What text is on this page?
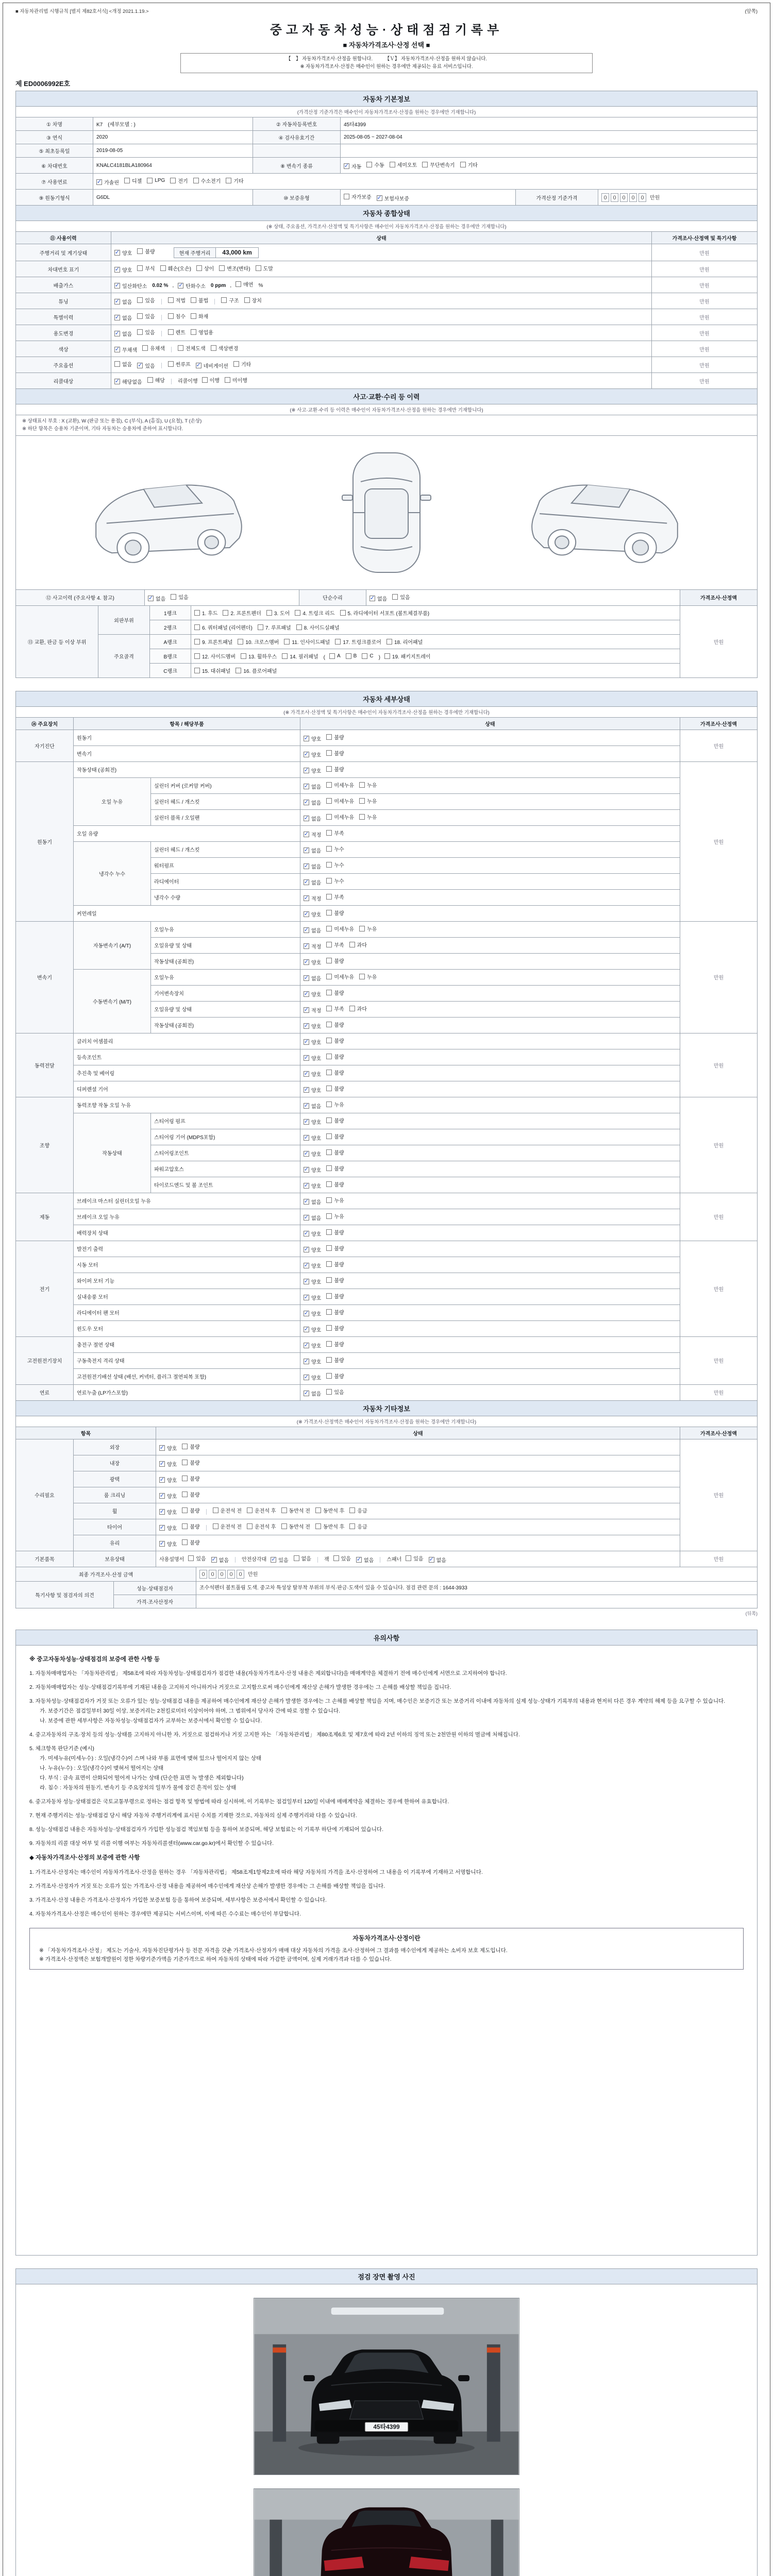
■ 자동차관리법 시행규칙 [별지 제82호서식] <개정 2021.1.19.>	(앞쪽)
중고자동차성능·상태점검기록부
■ 자동차가격조사·산정 선택 ■
【　】 자동차가격조사·산정을 원합니다.　　　【Ｖ】 자동차가격조사·산정을 원하지 않습니다.
※ 자동차가격조사·산정은 매수인이 원하는 경우에만 제공되는 유료 서비스입니다.
제 ED0006992E호
자동차 기본정보
(가격산정 기준가격은 매수인이 자동차가격조사·산정을 원하는 경우에만 기재합니다)
① 차명	K7　(세부모델 : )	② 자동차등록번호	45타4399		
③ 연식	2020	④ 검사유효기간	2025-08-05 ~ 2027-08-04		
⑤ 최초등록일	2019-08-05				
⑥ 차대번호	KNALC4181BLA180964	⑧ 변속기 종류	✓ 자동	수동	세미오토	무단변속기	기타

⑦ 사용연료	✓ 가솔린	디젤	LPG	전기	수소전기	기타

⑨ 원동기형식	G6DL	⑩ 보증유형	자가보증 ✓ 보험사보증	가격산정 기준가격	0 0 0 0 0 만원
자동차 종합상태
(※ 상태, 주요옵션, 가격조사·산정액 및 특기사항은 매수인이 자동차가격조사·산정을 원하는 경우에만 기재합니다)
⑪ 사용이력	상태	가격조사·산정액 및 특기사항
주행거리 및 계기상태	✓ 양호 불량 현재 주행거리 43,000 km	만원
차대번호 표기	✓ 양호	부식	훼손(오손)	상이	변조(변타)	도말	만원
배출가스	✓ 일산화탄소 0.02 % , ✓ 탄화수소 0 ppm , 매연 %	만원
튜닝	✓ 없음	있음	적법	불법	구조	장치	만원
특별이력	✓ 없음 있음 침수 화재	만원
용도변경	✓ 없음 있음 렌트 영업용	만원
색상	✓ 무채색 유채색 전체도색 색상변경	만원
주요옵션	없음 ✓ 있음	썬루프 ✓ 네비게이션	기타	만원
리콜대상	✓ 해당없음	해당	리콜이행 이행	미이행	만원
사고·교환·수리 등 이력
(※ 사고·교환·수리 등 이력은 매수인이 자동차가격조사·산정을 원하는 경우에만 기재합니다)
※ 상태표시 부호 : X (교환), W (판금 또는 용접), C (부식), A (흠집), U (요철), T (손상)
※ 하단 항목은 승용차 기준이며, 기타 자동차는 승용차에 준하여 표시합니다.
⑫ 사고이력 (주요사항 4. 참고)	✓ 없음	있음	단순수리	✓ 없음	있음	가격조사·산정액
⑬ 교환, 판금 등 이상 부위	외판부위	1랭크	1. 후드 2. 프론트펜더 3. 도어 4. 트렁크 리드 5. 라디에이터 서포트 (볼트체결부품)	만원
		2랭크	6. 쿼터패널 (리어펜더) 7. 루프패널 8. 사이드실패널	

	주요골격	A랭크	9. 프론트패널 10. 크로스멤버 11. 인사이드패널 17. 트렁크플로어 18. 리어패널	

B랭크	12. 사이드멤버	13. 휠하우스	14. 필러패널 ( A	B	C ) 19. 패키지트레이

		C랭크	15. 대쉬패널 16. 플로어패널	
자동차 세부상태
(※ 가격조사·산정액 및 특기사항은 매수인이 자동차가격조사·산정을 원하는 경우에만 기재합니다)
⑭ 주요장치	항목 / 해당부품		상태	가격조사·산정액
자기진단	원동기		✓ 양호 불량	만원
	변속기		✓ 양호 불량	

원동기	작동상태 (공회전)		✓ 양호 불량	만원
	오일 누유	실린더 커버 (로커암 커버)	✓ 없음 미세누유 누유	

		실린더 헤드 / 개스킷	✓ 없음 미세누유 누유	

		실린더 블록 / 오일팬	✓ 없음 미세누유 누유	

	오일 유량		✓ 적정 부족	

	냉각수 누수	실린더 헤드 / 개스킷	✓ 없음 누수	

		워터펌프	✓ 없음 누수	

		라디에이터	✓ 없음 누수	

		냉각수 수량	✓ 적정 부족	

	커먼레일		✓ 양호 불량	

변속기	자동변속기 (A/T)	오일누유	✓ 없음 미세누유 누유	만원
		오일유량 및 상태	✓ 적정 부족 과다	

		작동상태 (공회전)	✓ 양호 불량	

	수동변속기 (M/T)	오일누유	✓ 없음 미세누유 누유	

		기어변속장치	✓ 양호 불량	

		오일유량 및 상태	✓ 적정 부족 과다	

		작동상태 (공회전)	✓ 양호 불량	

동력전달	클러치 어셈블리		✓ 양호 불량	만원
	등속조인트		✓ 양호 불량	

	추진축 및 베어링		✓ 양호 불량	

	디퍼렌셜 기어		✓ 양호 불량	

조향	동력조향 작동 오일 누유		✓ 없음 누유	만원
	작동상태	스티어링 펌프	✓ 양호 불량	

		스티어링 기어 (MDPS포함)	✓ 양호 불량	

		스티어링조인트	✓ 양호 불량	

		파워고압호스	✓ 양호 불량	

		타이로드엔드 및 볼 조인트	✓ 양호 불량	

제동	브레이크 마스터 실린더오일 누유		✓ 없음 누유	만원
	브레이크 오일 누유		✓ 없음 누유	

	배력장치 상태		✓ 양호 불량	

전기	발전기 출력		✓ 양호 불량	만원
	시동 모터		✓ 양호 불량	

	와이퍼 모터 기능		✓ 양호 불량	

	실내송풍 모터		✓ 양호 불량	

	라디에이터 팬 모터		✓ 양호 불량	

	윈도우 모터		✓ 양호 불량	

고전원전기장치	충전구 절연 상태		✓ 양호 불량	만원
	구동축전지 격리 상태		✓ 양호 불량	

	고전원전기배선 상태 (배선, 커넥터, 플러그 절연피복 포함)		✓ 양호 불량	

연료	연료누출 (LP가스포함)		✓ 없음 있음	만원
자동차 기타정보
(※ 가격조사·산정액은 매수인이 자동차가격조사·산정을 원하는 경우에만 기재합니다)
항목		상태	가격조사·산정액
수리필요	외장	✓ 양호 불량	만원
	내장	✓ 양호 불량	

	광택	✓ 양호 불량	

	룸 크리닝	✓ 양호 불량	

휠	✓ 양호	불량	운전석 전	운전석 후	동반석 전	동반석 후	응급

타이어	✓ 양호	불량	운전석 전	운전석 후	동반석 전	동반석 후	응급

	유리	✓ 양호 불량	

기본품목	보유상태	사용설명서 있음 ✓ 없음	안전삼각대 ✓ 있음	없음	잭 있음 ✓ 없음	스패너 있음 ✓ 없음	만원
최종 가격조사·산정 금액		0 0 0 0 0 만원
특기사항 및 점검자의 의견	성능·상태점검자	조수석펜더 볼트풀림 도색. 중고차 특성상 탈부착 부위의 부식·판금·도색이 있을 수 있습니다. 점검 관련 문의 : 1644-3933
	가격·조사산정자	
(뒤쪽)
유의사항
※ 중고자동차성능·상태점검의 보증에 관한 사항 등
1. 자동차매매업자는 「자동차관리법」 제58조에 따라 자동차성능·상태점검자가 점검한 내용(자동차가격조사·산정 내용은 제외합니다)을 매매계약을 체결하기 전에 매수인에게 서면으로 고지하여야 합니다.
2. 자동차매매업자는 성능·상태점검기록부에 기재된 내용을 고지하지 아니하거나 거짓으로 고지함으로써 매수인에게 재산상 손해가 발생한 경우에는 그 손해를 배상할 책임을 집니다.
3. 자동차성능·상태점검자가 거짓 또는 오류가 있는 성능·상태점검 내용을 제공하여 매수인에게 재산상 손해가 발생한 경우에는 그 손해를 배상할 책임을 지며, 매수인은 보증기간 또는 보증거리 이내에 자동차의 실제 성능·상태가 기록부의 내용과 현저히 다른 경우 계약의 해제 등을 요구할 수 있습니다.
가. 보증기간은 점검일부터 30일 이상, 보증거리는 2천킬로미터 이상이어야 하며, 그 범위에서 당사자 간에 따로 정할 수 있습니다.
나. 보증에 관한 세부사항은 자동차성능·상태점검자가 교부하는 보증서에서 확인할 수 있습니다.
4. 중고자동차의 구조·장치 등의 성능·상태를 고지하지 아니한 자, 거짓으로 점검하거나 거짓 고지한 자는 「자동차관리법」 제80조제6호 및 제7호에 따라 2년 이하의 징역 또는 2천만원 이하의 벌금에 처해집니다.
5. 체크항목 판단기준 (예시)
가. 미세누유(미세누수) : 오일(냉각수)이 스며 나와 부품 표면에 맺혀 있으나 떨어지지 않는 상태
나. 누유(누수) : 오일(냉각수)이 맺혀서 떨어지는 상태
다. 부식 : 금속 표면이 산화되어 떨어져 나가는 상태 (단순한 표면 녹 발생은 제외합니다)
라. 침수 : 자동차의 원동기, 변속기 등 주요장치의 일부가 물에 잠긴 흔적이 있는 상태
6. 중고자동차 성능·상태점검은 국토교통부령으로 정하는 점검 항목 및 방법에 따라 실시하며, 이 기록부는 점검일부터 120일 이내에 매매계약을 체결하는 경우에 한하여 유효합니다.
7. 현재 주행거리는 성능·상태점검 당시 해당 자동차 주행거리계에 표시된 수치를 기재한 것으로, 자동차의 실제 주행거리와 다를 수 있습니다.
8. 성능·상태점검 내용은 자동차성능·상태점검자가 가입한 성능점검 책임보험 등을 통하여 보증되며, 해당 보험료는 이 기록부 하단에 기재되어 있습니다.
9. 자동차의 리콜 대상 여부 및 리콜 이행 여부는 자동차리콜센터(www.car.go.kr)에서 확인할 수 있습니다.
◆ 자동차가격조사·산정의 보증에 관한 사항
1. 가격조사·산정자는 매수인이 자동차가격조사·산정을 원하는 경우 「자동차관리법」 제58조제1항제2호에 따라 해당 자동차의 가격을 조사·산정하여 그 내용을 이 기록부에 기재하고 서명합니다.
2. 가격조사·산정자가 거짓 또는 오류가 있는 가격조사·산정 내용을 제공하여 매수인에게 재산상 손해가 발생한 경우에는 그 손해를 배상할 책임을 집니다.
3. 가격조사·산정 내용은 가격조사·산정자가 가입한 보증보험 등을 통하여 보증되며, 세부사항은 보증서에서 확인할 수 있습니다.
4. 자동차가격조사·산정은 매수인이 원하는 경우에만 제공되는 서비스이며, 이에 따른 수수료는 매수인이 부담합니다.
자동차가격조사·산정이란
※ 「자동차가격조사·산정」 제도는 기술사, 자동차진단평가사 등 전문 자격을 갖춘 가격조사·산정자가 매매 대상 자동차의 가격을 조사·산정하여 그 결과를 매수인에게 제공하는 소비자 보호 제도입니다.
※ 가격조사·산정액은 보험개발원이 정한 차량기준가액을 기준가격으로 하여 자동차의 상태에 따라 가감한 금액이며, 실제 거래가격과 다를 수 있습니다.
점검 장면 촬영 사진
45타4399
